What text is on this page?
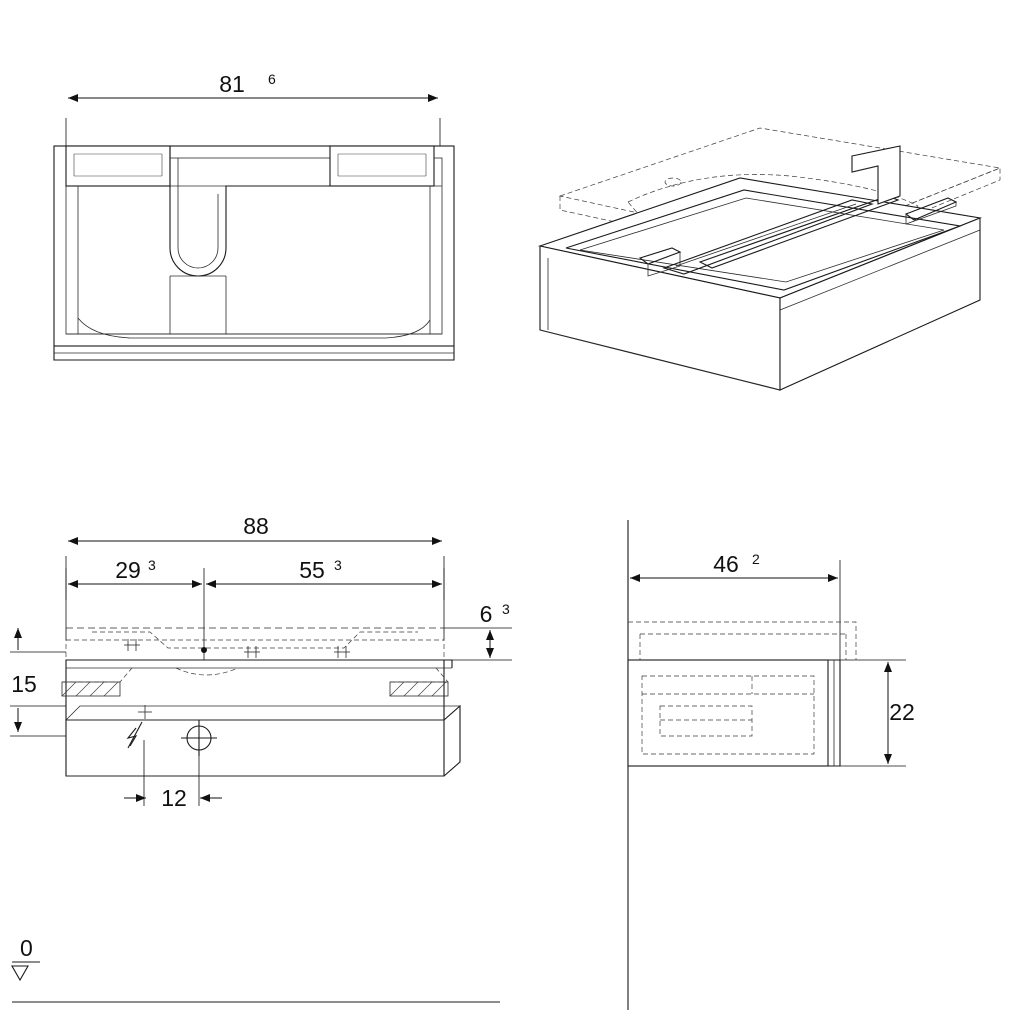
81 6
88
29 3	55 3
6 3
15
12
46 2
22
0
